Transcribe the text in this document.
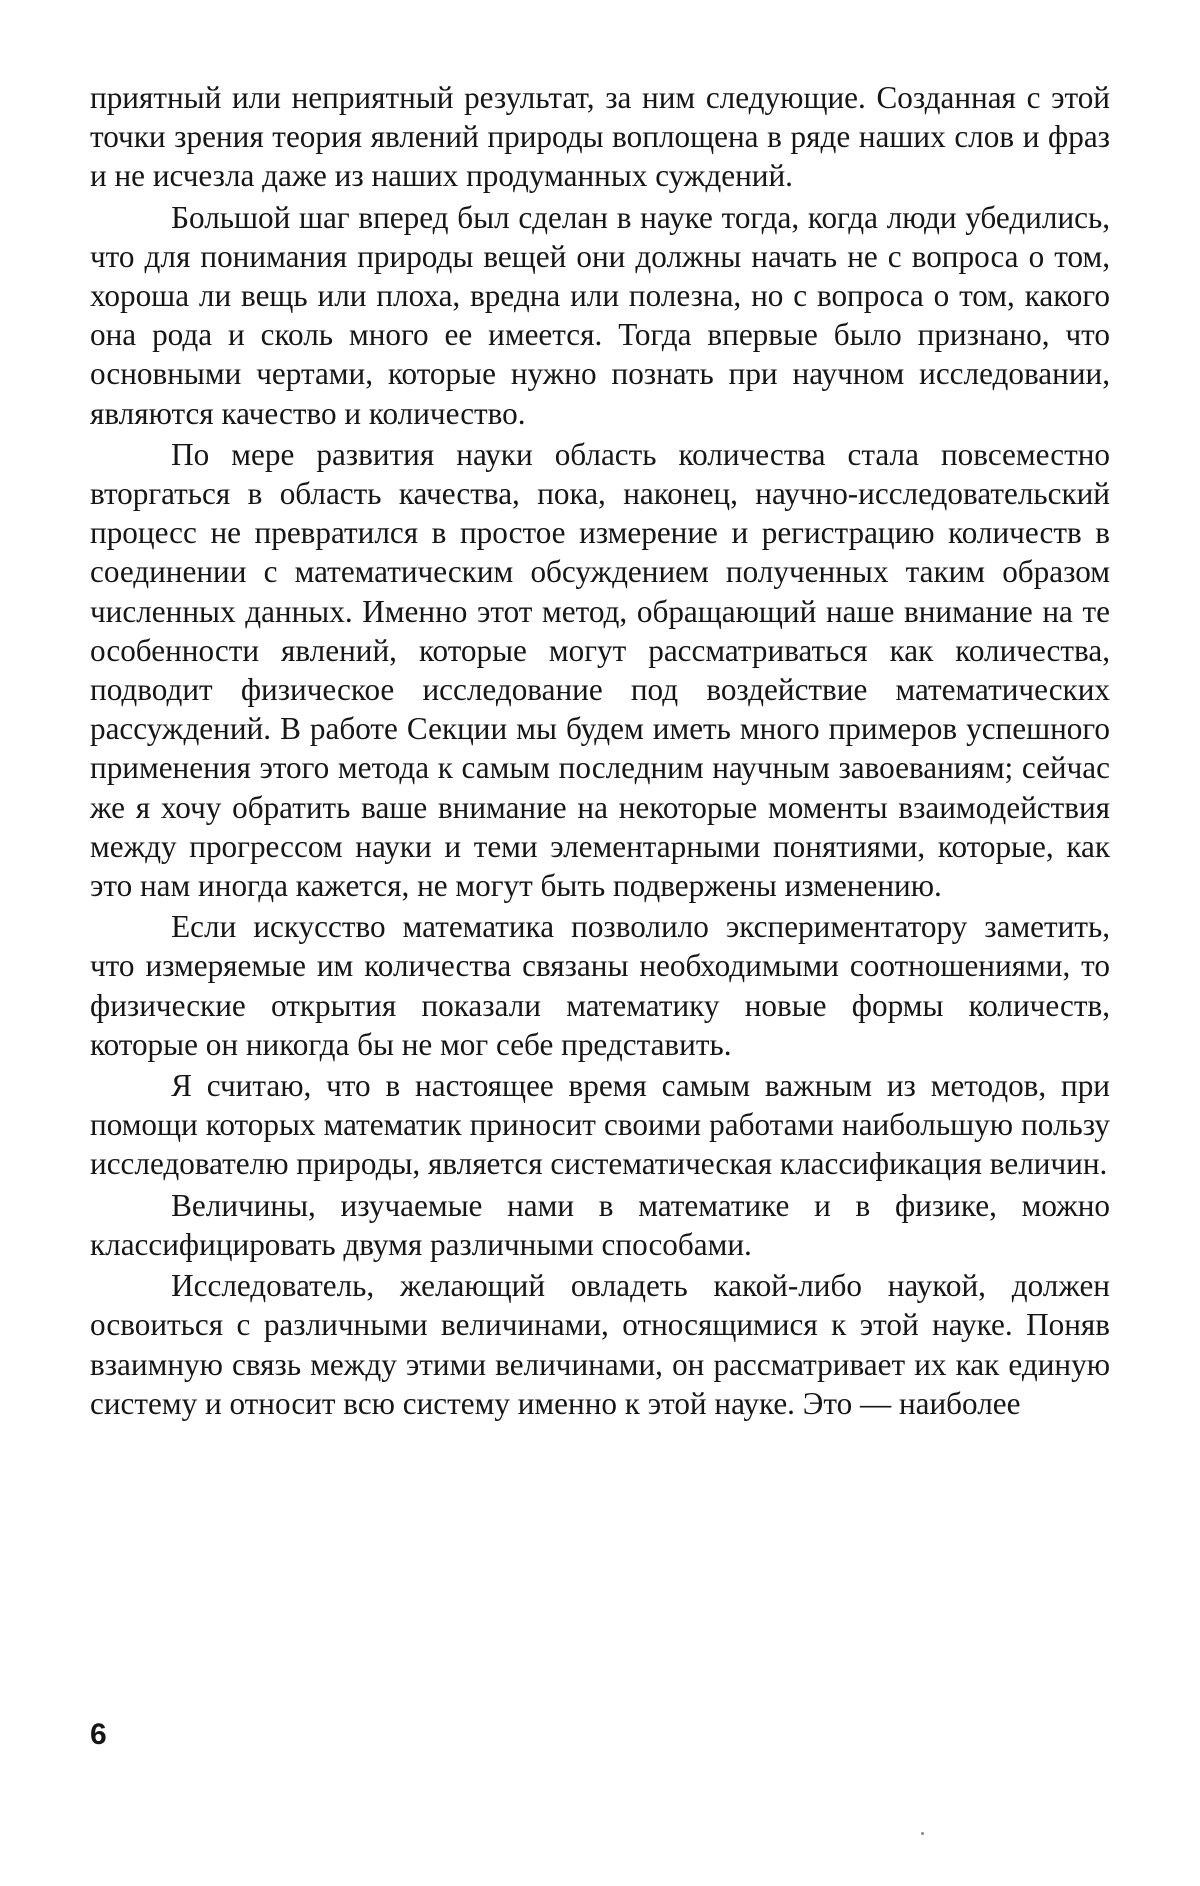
приятный или неприятный результат, за ним следующие. Созданная с этой точки зрения теория явлений природы воплощена в ряде наших слов и фраз и не исчезла даже из наших продуманных суждений.

Большой шаг вперед был сделан в науке тогда, когда люди убедились, что для понимания природы вещей они должны начать не с вопроса о том, хороша ли вещь или плоха, вредна или полезна, но с вопроса о том, какого она рода и сколь много ее имеется. Тогда впервые было признано, что основными чертами, которые нужно познать при научном исследовании, являются качество и количество.

По мере развития науки область количества стала повсеместно вторгаться в область качества, пока, наконец, научно-исследовательский процесс не превратился в простое измерение и регистрацию количеств в соединении с математическим обсуждением полученных таким образом численных данных. Именно этот метод, обращающий наше внимание на те особенности явлений, которые могут рассматриваться как количества, подводит физическое исследование под воздействие математических рассуждений. В работе Секции мы будем иметь много примеров успешного применения этого метода к самым последним научным завоеваниям; сейчас же я хочу обратить ваше внимание на некоторые моменты взаимодействия между прогрессом науки и теми элементарными понятиями, которые, как это нам иногда кажется, не могут быть подвержены изменению.

Если искусство математика позволило экспериментатору заметить, что измеряемые им количества связаны необходимыми соотношениями, то физические открытия показали математику новые формы количеств, которые он никогда бы не мог себе представить.

Я считаю, что в настоящее время самым важным из методов, при помощи которых математик приносит своими работами наибольшую пользу исследователю природы, является систематическая классификация величин.

Величины, изучаемые нами в математике и в физике, можно классифицировать двумя различными способами.

Исследователь, желающий овладеть какой-либо наукой, должен освоиться с различными величинами, относящимися к этой науке. Поняв взаимную связь между этими величинами, он рассматривает их как единую систему и относит всю систему именно к этой науке. Это — наиболее

6
